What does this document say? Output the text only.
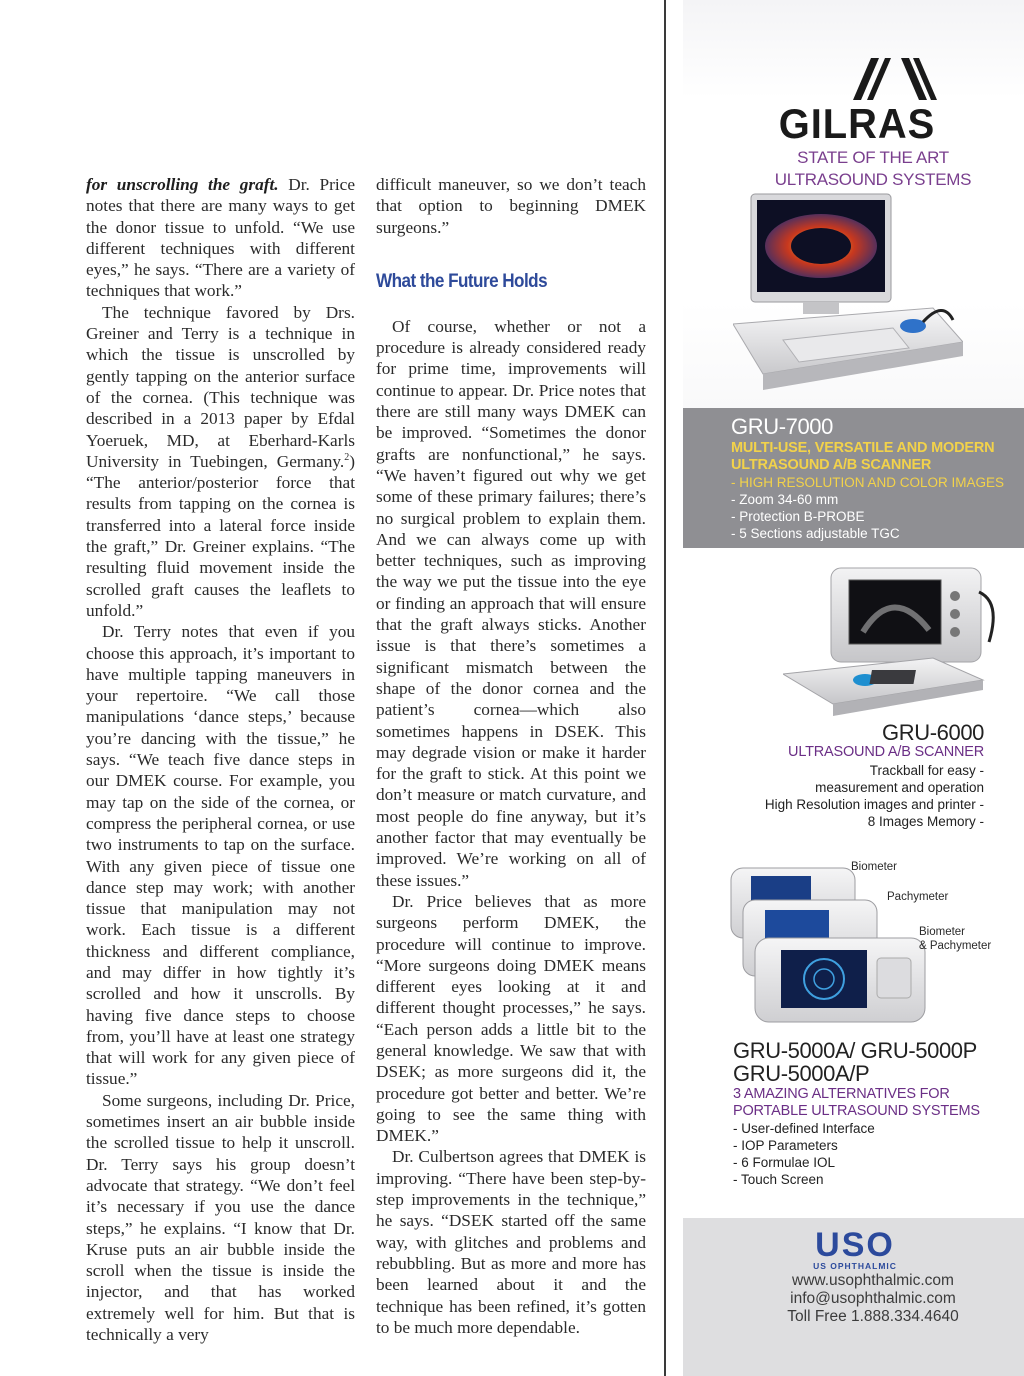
for unscrolling the graft. Dr. Price notes that there are many ways to get the donor tissue to unfold. “We use different techniques with different eyes,” he says. “There are a variety of techniques that work.”

The technique favored by Drs. Greiner and Terry is a technique in which the tissue is unscrolled by gently tapping on the anterior surface of the cornea. (This technique was described in a 2013 paper by Efdal Yoeruek, MD, at Eberhard-Karls University in Tuebingen, Germany.$^2$) “The anterior/posterior force that results from tapping on the cornea is transferred into a lateral force inside the graft,” Dr. Greiner explains. “The resulting fluid movement inside the scrolled graft causes the leaflets to unfold.”

Dr. Terry notes that even if you choose this approach, it’s important to have multiple tapping maneuvers in your repertoire. “We call those manipulations ‘dance steps,’ because you’re dancing with the tissue,” he says. “We teach five dance steps in our DMEK course. For example, you may tap on the side of the cornea, or compress the peripheral cornea, or use two instruments to tap on the surface. With any given piece of tissue one dance step may work; with another tissue that manipulation may not work. Each tissue is a different thickness and different compliance, and may differ in how tightly it’s scrolled and how it unscrolls. By having five dance steps to choose from, you’ll have at least one strategy that will work for any given piece of tissue.”

Some surgeons, including Dr. Price, sometimes insert an air bubble inside the scrolled tissue to help it unscroll. Dr. Terry says his group doesn’t advocate that strategy. “We don’t feel it’s necessary if you use the dance steps,” he explains. “I know that Dr. Kruse puts an air bubble inside the scroll when the tissue is inside the injector, and that has worked extremely well for him. But that is technically a very

difficult maneuver, so we don’t teach that option to beginning DMEK surgeons.”

What the Future Holds

Of course, whether or not a procedure is already considered ready for prime time, improvements will continue to appear. Dr. Price notes that there are still many ways DMEK can be improved. “Sometimes the donor grafts are nonfunctional,” he says. “We haven’t figured out why we get some of these primary failures; there’s no surgical problem to explain them. And we can always come up with better techniques, such as improving the way we put the tissue into the eye or finding an approach that will ensure that the graft always sticks. Another issue is that there’s sometimes a significant mismatch between the shape of the donor cornea and the patient’s cornea—which also sometimes happens in DSEK. This may degrade vision or make it harder for the graft to stick. At this point we don’t measure or match curvature, and most people do fine anyway, but it’s another factor that may eventually be improved. We’re working on all of these issues.”

Dr. Price believes that as more surgeons perform DMEK, the procedure will continue to improve. “More surgeons doing DMEK means different eyes looking at it and different thought processes,” he says. “Each person adds a little bit to the general knowledge. We saw that with DSEK; as more surgeons did it, the procedure got better and better. We’re going to see the same thing with DMEK.”

Dr. Culbertson agrees that DMEK is improving. “There have been step-by-step improvements in the technique,” he says. “DSEK started off the same way, with glitches and problems and rebubbling. But as more and more has been learned about it and the technique has been refined, it’s gotten to be much more dependable.

GILRAS
STATE OF THE ART
ULTRASOUND SYSTEMS
GRU-7000
MULTI-USE, VERSATILE AND MODERN
ULTRASOUND A/B SCANNER
- HIGH RESOLUTION AND COLOR IMAGES
- Zoom 34-60 mm
- Protection B-PROBE
- 5 Sections adjustable TGC
GRU-6000
ULTRASOUND A/B SCANNER
Trackball for easy -
measurement and operation
High Resolution images and printer -
8 Images Memory -
Biometer
Pachymeter
Biometer
& Pachymeter
GRU-5000A/ GRU-5000P
GRU-5000A/P
3 AMAZING ALTERNATIVES FOR
PORTABLE ULTRASOUND SYSTEMS
- User-defined Interface
- IOP Parameters
- 6 Formulae IOL
- Touch Screen
USO
US OPHTHALMIC
www.usophthalmic.com
info@usophthalmic.com
Toll Free 1.888.334.4640
